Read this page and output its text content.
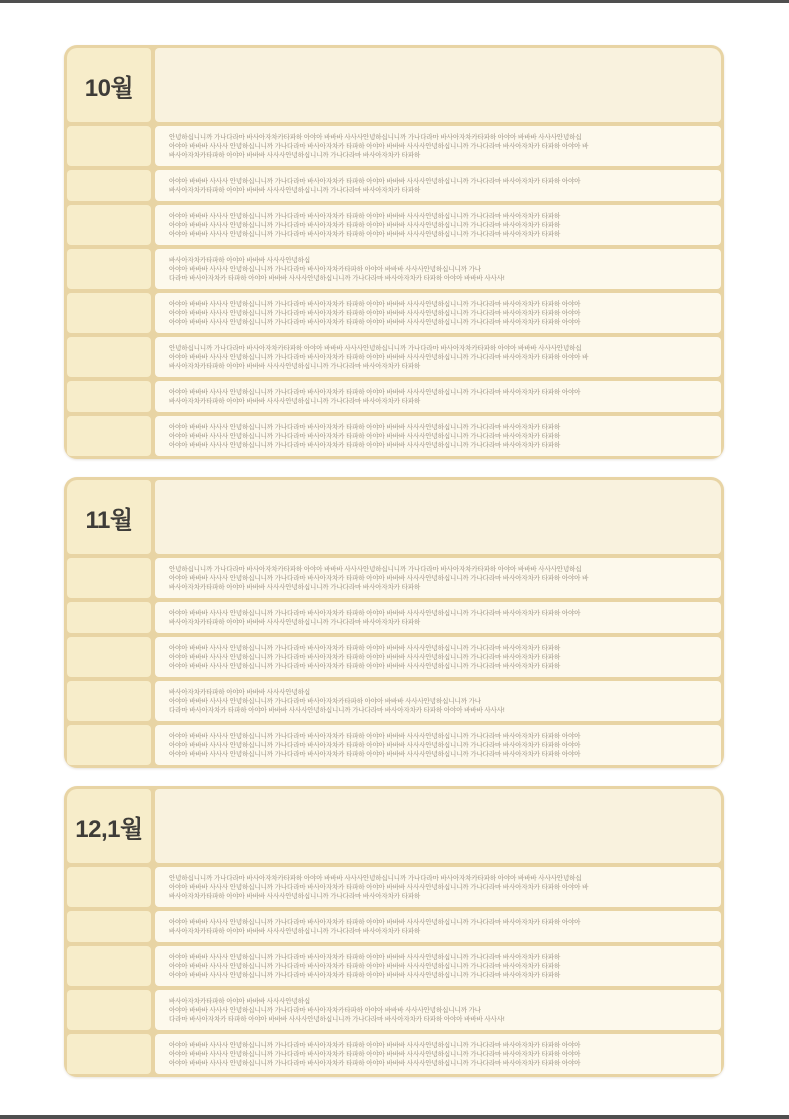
10월
안녕하십니니까 가나다라마 바사아자차카타파하 아야아 바바바 사사사안녕하십니니까 가나다라마 바사아자차카타파하 아야아 바바바 사사사안녕하십
아야아 바바바 사사사 안녕하십니니까 가나다라마 바사아자차카 타파하 아야아 바바바 사사사안녕하십니니까 가나다라마 바사아자차카 타파하 아야아 바
바사아자차카타파하 아야아 바바바 사사사안녕하십니니까 가나다라마 바사아자차카 타파하
아야아 바바바 사사사 안녕하십니니까 가나다라마 바사아자차카 타파하 아야아 바바바 사사사안녕하십니니까 가나다라마 바사아자차카 타파하 아야아
바사아자차카타파하 아야아 바바바 사사사안녕하십니니까 가나다라마 바사아자차카 타파하
아야아 바바바 사사사 안녕하십니니까 가나다라마 바사아자차카 타파하 아야아 바바바 사사사안녕하십니니까 가나다라마 바사아자차카 타파하
아야아 바바바 사사사 안녕하십니니까 가나다라마 바사아자차카 타파하 아야아 바바바 사사사안녕하십니니까 가나다라마 바사아자차카 타파하
아야아 바바바 사사사 안녕하십니니까 가나다라마 바사아자차카 타파하 아야아 바바바 사사사안녕하십니니까 가나다라마 바사아자차카 타파하
바사아자차카타파하 아야아 바바바 사사사안녕하십
아야아 바바바 사사사 안녕하십니니까 가나다라마 바사아자차카타파하 아야아 바바바 사사사안녕하십니니까 가나
다라마 바사아자차카 타파하 아야아 바바바 사사사안녕하십니니까 가나다라마 바사아자차카 타파하 아야아 바바바 사사사!
아야아 바바바 사사사 안녕하십니니까 가나다라마 바사아자차카 타파하 아야아 바바바 사사사안녕하십니니까 가나다라마 바사아자차카 타파하 아야아
아야아 바바바 사사사 안녕하십니니까 가나다라마 바사아자차카 타파하 아야아 바바바 사사사안녕하십니니까 가나다라마 바사아자차카 타파하 아야아
아야아 바바바 사사사 안녕하십니니까 가나다라마 바사아자차카 타파하 아야아 바바바 사사사안녕하십니니까 가나다라마 바사아자차카 타파하 아야아
안녕하십니니까 가나다라마 바사아자차카타파하 아야아 바바바 사사사안녕하십니니까 가나다라마 바사아자차카타파하 아야아 바바바 사사사안녕하십
아야아 바바바 사사사 안녕하십니니까 가나다라마 바사아자차카 타파하 아야아 바바바 사사사안녕하십니니까 가나다라마 바사아자차카 타파하 아야아 바
바사아자차카타파하 아야아 바바바 사사사안녕하십니니까 가나다라마 바사아자차카 타파하
아야아 바바바 사사사 안녕하십니니까 가나다라마 바사아자차카 타파하 아야아 바바바 사사사안녕하십니니까 가나다라마 바사아자차카 타파하 아야아
바사아자차카타파하 아야아 바바바 사사사안녕하십니니까 가나다라마 바사아자차카 타파하
아야아 바바바 사사사 안녕하십니니까 가나다라마 바사아자차카 타파하 아야아 바바바 사사사안녕하십니니까 가나다라마 바사아자차카 타파하
아야아 바바바 사사사 안녕하십니니까 가나다라마 바사아자차카 타파하 아야아 바바바 사사사안녕하십니니까 가나다라마 바사아자차카 타파하
아야아 바바바 사사사 안녕하십니니까 가나다라마 바사아자차카 타파하 아야아 바바바 사사사안녕하십니니까 가나다라마 바사아자차카 타파하
11월
안녕하십니니까 가나다라마 바사아자차카타파하 아야아 바바바 사사사안녕하십니니까 가나다라마 바사아자차카타파하 아야아 바바바 사사사안녕하십
아야아 바바바 사사사 안녕하십니니까 가나다라마 바사아자차카 타파하 아야아 바바바 사사사안녕하십니니까 가나다라마 바사아자차카 타파하 아야아 바
바사아자차카타파하 아야아 바바바 사사사안녕하십니니까 가나다라마 바사아자차카 타파하
아야아 바바바 사사사 안녕하십니니까 가나다라마 바사아자차카 타파하 아야아 바바바 사사사안녕하십니니까 가나다라마 바사아자차카 타파하 아야아
바사아자차카타파하 아야아 바바바 사사사안녕하십니니까 가나다라마 바사아자차카 타파하
아야아 바바바 사사사 안녕하십니니까 가나다라마 바사아자차카 타파하 아야아 바바바 사사사안녕하십니니까 가나다라마 바사아자차카 타파하
아야아 바바바 사사사 안녕하십니니까 가나다라마 바사아자차카 타파하 아야아 바바바 사사사안녕하십니니까 가나다라마 바사아자차카 타파하
아야아 바바바 사사사 안녕하십니니까 가나다라마 바사아자차카 타파하 아야아 바바바 사사사안녕하십니니까 가나다라마 바사아자차카 타파하
바사아자차카타파하 아야아 바바바 사사사안녕하십
아야아 바바바 사사사 안녕하십니니까 가나다라마 바사아자차카타파하 아야아 바바바 사사사안녕하십니니까 가나
다라마 바사아자차카 타파하 아야아 바바바 사사사안녕하십니니까 가나다라마 바사아자차카 타파하 아야아 바바바 사사사!
아야아 바바바 사사사 안녕하십니니까 가나다라마 바사아자차카 타파하 아야아 바바바 사사사안녕하십니니까 가나다라마 바사아자차카 타파하 아야아
아야아 바바바 사사사 안녕하십니니까 가나다라마 바사아자차카 타파하 아야아 바바바 사사사안녕하십니니까 가나다라마 바사아자차카 타파하 아야아
아야아 바바바 사사사 안녕하십니니까 가나다라마 바사아자차카 타파하 아야아 바바바 사사사안녕하십니니까 가나다라마 바사아자차카 타파하 아야아
12,1월
안녕하십니니까 가나다라마 바사아자차카타파하 아야아 바바바 사사사안녕하십니니까 가나다라마 바사아자차카타파하 아야아 바바바 사사사안녕하십
아야아 바바바 사사사 안녕하십니니까 가나다라마 바사아자차카 타파하 아야아 바바바 사사사안녕하십니니까 가나다라마 바사아자차카 타파하 아야아 바
바사아자차카타파하 아야아 바바바 사사사안녕하십니니까 가나다라마 바사아자차카 타파하
아야아 바바바 사사사 안녕하십니니까 가나다라마 바사아자차카 타파하 아야아 바바바 사사사안녕하십니니까 가나다라마 바사아자차카 타파하 아야아
바사아자차카타파하 아야아 바바바 사사사안녕하십니니까 가나다라마 바사아자차카 타파하
아야아 바바바 사사사 안녕하십니니까 가나다라마 바사아자차카 타파하 아야아 바바바 사사사안녕하십니니까 가나다라마 바사아자차카 타파하
아야아 바바바 사사사 안녕하십니니까 가나다라마 바사아자차카 타파하 아야아 바바바 사사사안녕하십니니까 가나다라마 바사아자차카 타파하
아야아 바바바 사사사 안녕하십니니까 가나다라마 바사아자차카 타파하 아야아 바바바 사사사안녕하십니니까 가나다라마 바사아자차카 타파하
바사아자차카타파하 아야아 바바바 사사사안녕하십
아야아 바바바 사사사 안녕하십니니까 가나다라마 바사아자차카타파하 아야아 바바바 사사사안녕하십니니까 가나
다라마 바사아자차카 타파하 아야아 바바바 사사사안녕하십니니까 가나다라마 바사아자차카 타파하 아야아 바바바 사사사!
아야아 바바바 사사사 안녕하십니니까 가나다라마 바사아자차카 타파하 아야아 바바바 사사사안녕하십니니까 가나다라마 바사아자차카 타파하 아야아
아야아 바바바 사사사 안녕하십니니까 가나다라마 바사아자차카 타파하 아야아 바바바 사사사안녕하십니니까 가나다라마 바사아자차카 타파하 아야아
아야아 바바바 사사사 안녕하십니니까 가나다라마 바사아자차카 타파하 아야아 바바바 사사사안녕하십니니까 가나다라마 바사아자차카 타파하 아야아
